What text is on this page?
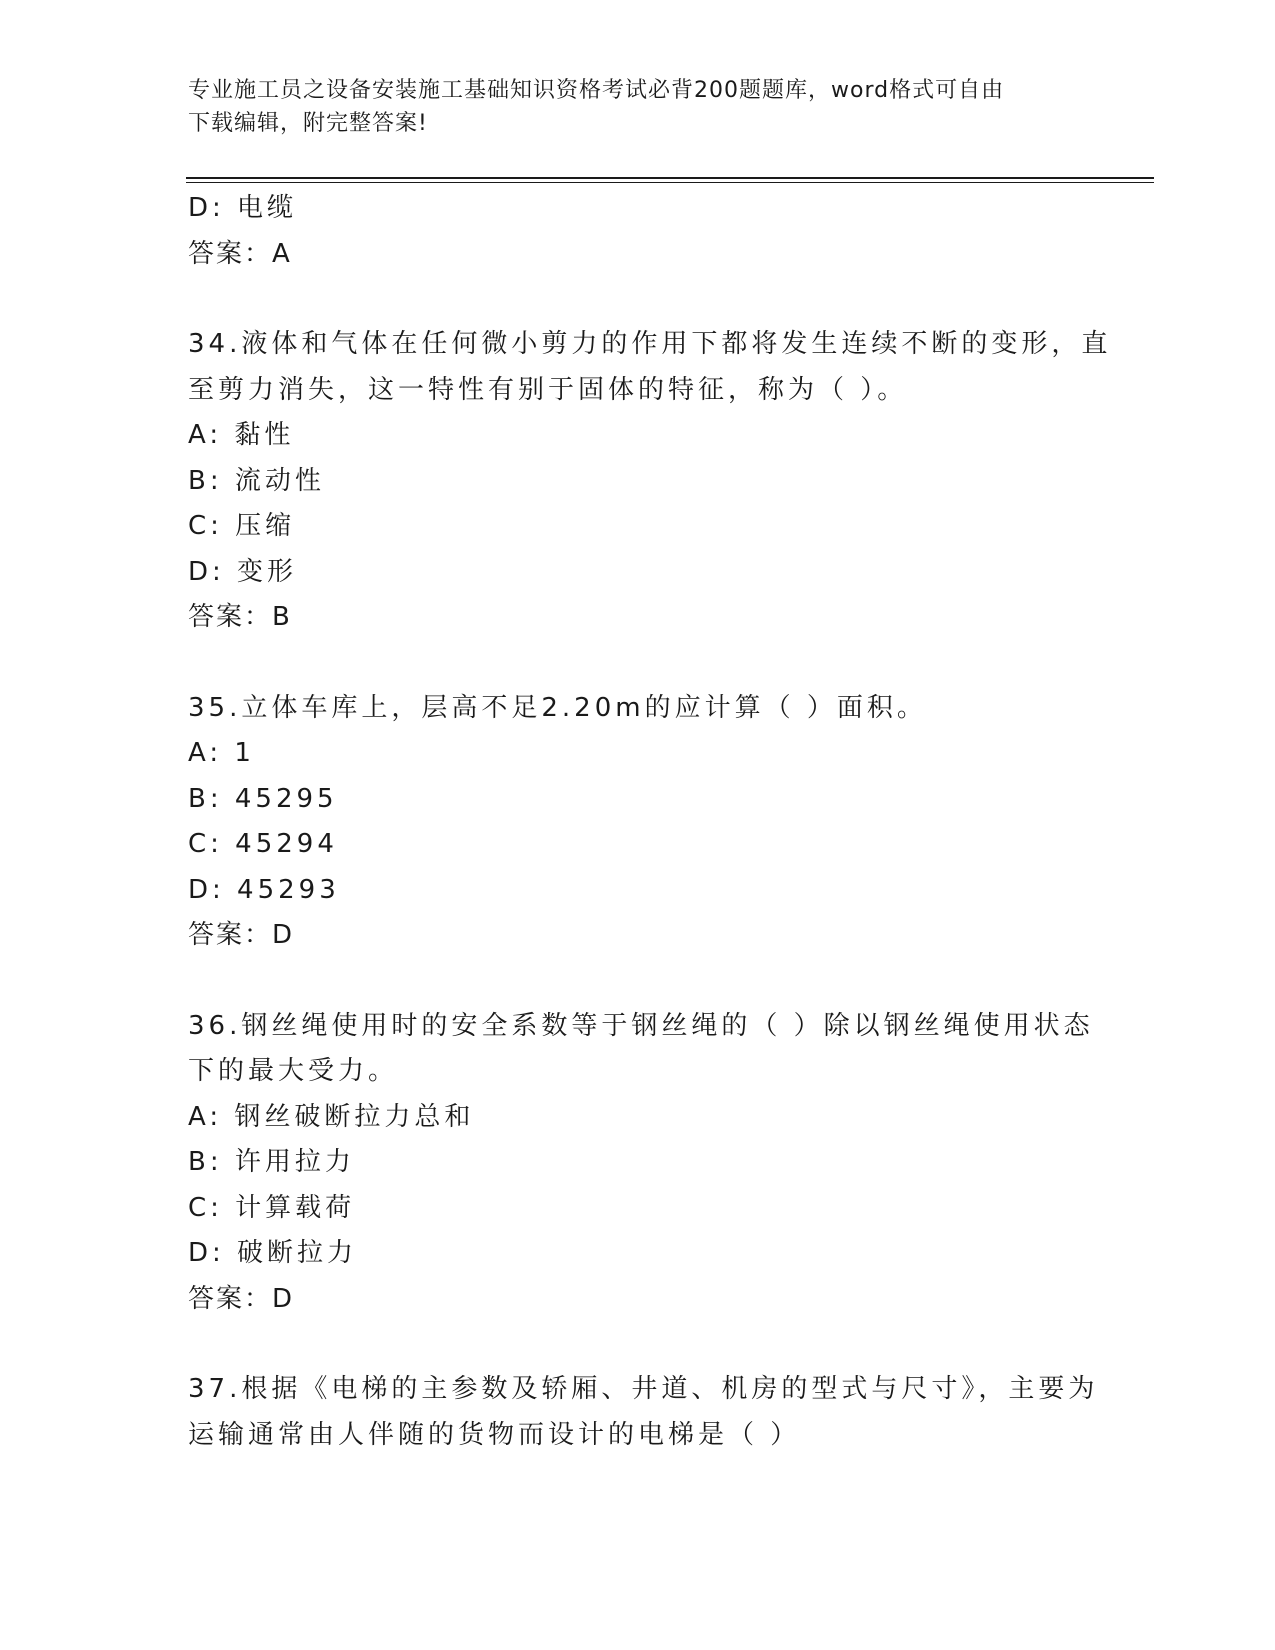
专业施工员之设备安装施工基础知识资格考试必背200题题库，word格式可自由
下载编辑，附完整答案!
D: 电缆
答案：A
34.液体和气体在任何微小剪力的作用下都将发生连续不断的变形，直
至剪力消失，这一特性有别于固体的特征，称为（ ）。
A: 黏性
B: 流动性
C: 压缩
D: 变形
答案：B
35.立体车库上，层高不足2.20m的应计算（ ）面积。
A: 1
B: 45295
C: 45294
D: 45293
答案：D
36.钢丝绳使用时的安全系数等于钢丝绳的（ ）除以钢丝绳使用状态
下的最大受力。
A: 钢丝破断拉力总和
B: 许用拉力
C: 计算载荷
D: 破断拉力
答案：D
37.根据《电梯的主参数及轿厢、井道、机房的型式与尺寸》，主要为
运输通常由人伴随的货物而设计的电梯是（ ）
